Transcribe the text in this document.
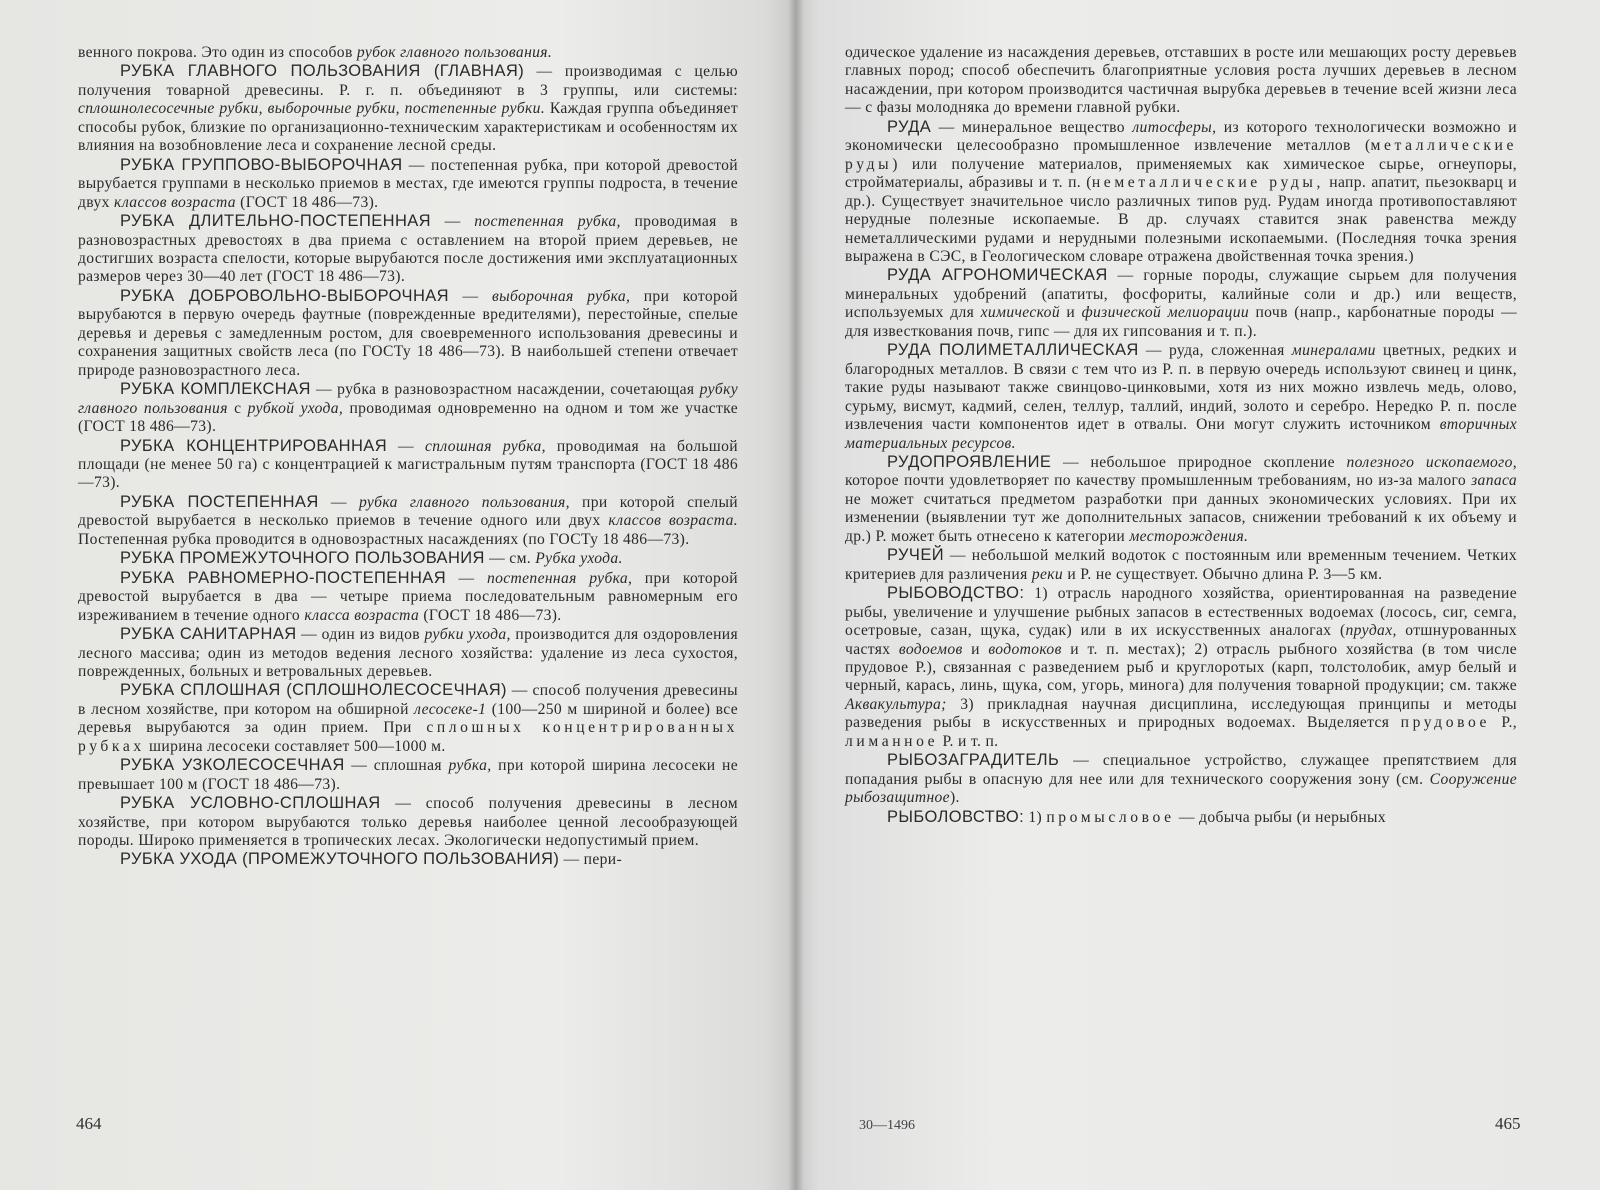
венного покрова. Это один из способов рубок главного пользования.

РУБКА ГЛАВНОГО ПОЛЬЗОВАНИЯ (ГЛАВНАЯ) — производимая с целью получения товарной древесины. Р. г. п. объединяют в 3 группы, или системы: сплошнолесосечные рубки, выборочные рубки, постепенные рубки. Каждая группа объединяет способы рубок, близкие по организационно-техническим характеристикам и особенностям их влияния на возобновление леса и сохранение лесной среды.

РУБКА ГРУППОВО-ВЫБОРОЧНАЯ — постепенная рубка, при которой древостой вырубается группами в несколько приемов в местах, где имеются группы подроста, в течение двух классов возраста (ГОСТ 18 486—73).

РУБКА ДЛИТЕЛЬНО-ПОСТЕПЕННАЯ — постепенная рубка, проводимая в разновозрастных древостоях в два приема с оставлением на второй прием деревьев, не достигших возраста спелости, которые вырубаются после достижения ими эксплуатационных размеров через 30—40 лет (ГОСТ 18 486—73).

РУБКА ДОБРОВОЛЬНО-ВЫБОРОЧНАЯ — выборочная рубка, при которой вырубаются в первую очередь фаутные (поврежденные вредителями), перестойные, спелые деревья и деревья с замедленным ростом, для своевременного использования древесины и сохранения защитных свойств леса (по ГОСТу 18 486—73). В наибольшей степени отвечает природе разновозрастного леса.

РУБКА КОМПЛЕКСНАЯ — рубка в разновозрастном насаждении, сочетающая рубку главного пользования с рубкой ухода, проводимая одновременно на одном и том же участке (ГОСТ 18 486—73).

РУБКА КОНЦЕНТРИРОВАННАЯ — сплошная рубка, проводимая на большой площади (не менее 50 га) с концентрацией к магистральным путям транспорта (ГОСТ 18 486—73).

РУБКА ПОСТЕПЕННАЯ — рубка главного пользования, при которой спелый древостой вырубается в несколько приемов в течение одного или двух классов возраста. Постепенная рубка проводится в одновозрастных насаждениях (по ГОСТу 18 486—73).

РУБКА ПРОМЕЖУТОЧНОГО ПОЛЬЗОВАНИЯ — см. Рубка ухода.

РУБКА РАВНОМЕРНО-ПОСТЕПЕННАЯ — постепенная рубка, при которой древостой вырубается в два — четыре приема последовательным равномерным его изреживанием в течение одного класса возраста (ГОСТ 18 486—73).

РУБКА САНИТАРНАЯ — один из видов рубки ухода, производится для оздоровления лесного массива; один из методов ведения лесного хозяйства: удаление из леса сухостоя, поврежденных, больных и ветровальных деревьев.

РУБКА СПЛОШНАЯ (СПЛОШНОЛЕСОСЕЧНАЯ) — способ получения древесины в лесном хозяйстве, при котором на обширной лесосеке-1 (100—250 м шириной и более) все деревья вырубаются за один прием. При сплошных концентрированных рубках ширина лесосеки составляет 500—1000 м.

РУБКА УЗКОЛЕСОСЕЧНАЯ — сплошная рубка, при которой ширина лесосеки не превышает 100 м (ГОСТ 18 486—73).

РУБКА УСЛОВНО-СПЛОШНАЯ — способ получения древесины в лесном хозяйстве, при котором вырубаются только деревья наиболее ценной лесообразующей породы. Широко применяется в тропических лесах. Экологически недопустимый прием.

РУБКА УХОДА (ПРОМЕЖУТОЧНОГО ПОЛЬЗОВАНИЯ) — пери-

464

одическое удаление из насаждения деревьев, отставших в росте или мешающих росту деревьев главных пород; способ обеспечить благоприятные условия роста лучших деревьев в лесном насаждении, при котором производится частичная вырубка деревьев в течение всей жизни леса — с фазы молодняка до времени главной рубки.

РУДА — минеральное вещество литосферы, из которого технологически возможно и экономически целесообразно промышленное извлечение металлов (металлические руды) или получение материалов, применяемых как химическое сырье, огнеупоры, стройматериалы, абразивы и т. п. (неметаллические руды, напр. апатит, пьезокварц и др.). Существует значительное число различных типов руд. Рудам иногда противопоставляют нерудные полезные ископаемые. В др. случаях ставится знак равенства между неметаллическими рудами и нерудными полезными ископаемыми. (Последняя точка зрения выражена в СЭС, в Геологическом словаре отражена двойственная точка зрения.)

РУДА АГРОНОМИЧЕСКАЯ — горные породы, служащие сырьем для получения минеральных удобрений (апатиты, фосфориты, калийные соли и др.) или веществ, используемых для химической и физической мелиорации почв (напр., карбонатные породы — для известкования почв, гипс — для их гипсования и т. п.).

РУДА ПОЛИМЕТАЛЛИЧЕСКАЯ — руда, сложенная минералами цветных, редких и благородных металлов. В связи с тем что из Р. п. в первую очередь используют свинец и цинк, такие руды называют также свинцово-цинковыми, хотя из них можно извлечь медь, олово, сурьму, висмут, кадмий, селен, теллур, таллий, индий, золото и серебро. Нередко Р. п. после извлечения части компонентов идет в отвалы. Они могут служить источником вторичных материальных ресурсов.

РУДОПРОЯВЛЕНИЕ — небольшое природное скопление полезного ископаемого, которое почти удовлетворяет по качеству промышленным требованиям, но из-за малого запаса не может считаться предметом разработки при данных экономических условиях. При их изменении (выявлении тут же дополнительных запасов, снижении требований к их объему и др.) Р. может быть отнесено к категории месторождения.

РУЧЕЙ — небольшой мелкий водоток с постоянным или временным течением. Четких критериев для различения реки и Р. не существует. Обычно длина Р. 3—5 км.

РЫБОВОДСТВО: 1) отрасль народного хозяйства, ориентированная на разведение рыбы, увеличение и улучшение рыбных запасов в естественных водоемах (лосось, сиг, семга, осетровые, сазан, щука, судак) или в их искусственных аналогах (прудах, отшнурованных частях водоемов и водотоков и т. п. местах); 2) отрасль рыбного хозяйства (в том числе прудовое Р.), связанная с разведением рыб и круглоротых (карп, толстолобик, амур белый и черный, карась, линь, щука, сом, угорь, минога) для получения товарной продукции; см. также Аквакультура; 3) прикладная научная дисциплина, исследующая принципы и методы разведения рыбы в искусственных и природных водоемах. Выделяется прудовое Р., лиманное Р. и т. п.

РЫБОЗАГРАДИТЕЛЬ — специальное устройство, служащее препятствием для попадания рыбы в опасную для нее или для технического сооружения зону (см. Сооружение рыбозащитное).

РЫБОЛОВСТВО: 1) промысловое — добыча рыбы (и нерыбных

30—1496	465
